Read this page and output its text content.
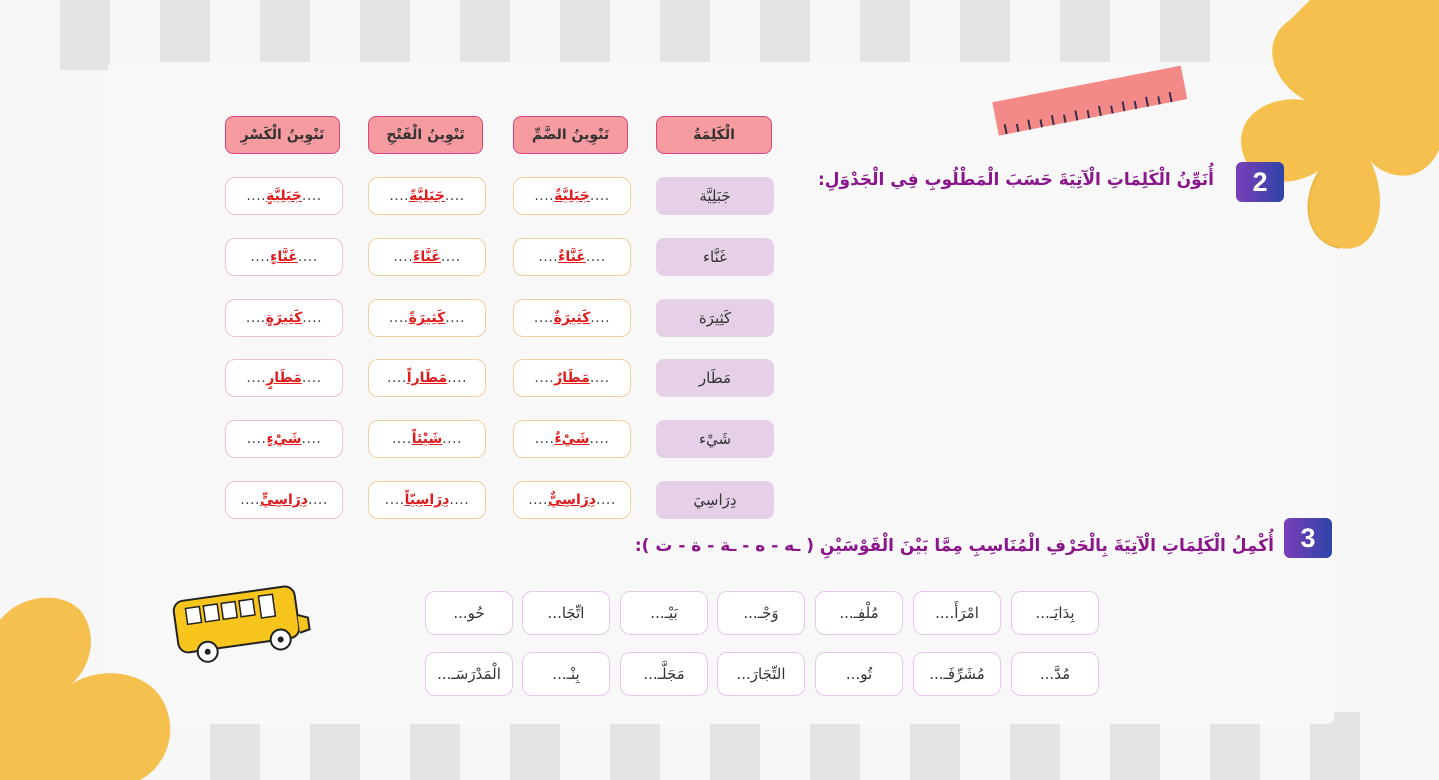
2
أُنَوِّنُ الْكَلِمَاتِ الْآتِيَةَ حَسَبَ الْمَطْلُوبِ فِي الْجَدْوَلِ:
الْكَلِمَةُ
تَنْوِينُ الضَّمِّ
تَنْوِينُ الْفَتْحِ
تَنْوِينُ الْكَسْرِ
جَبَلِيَّة
....
جَبَلِيَّةٌ
....
....
جَبَلِيَّةً
....
....
جَبَلِيَّةٍ
....
غَنَّاء
....
غَنَّاءٌ
....
....
غَنَّاءً
....
....
غَنَّاءٍ
....
كَثِيرَة
....
كَثِيرَةٌ
....
....
كَثِيرَةً
....
....
كَثِيرَةٍ
....
مَطَار
....
مَطَارٌ
....
....
مَطَاراً
....
....
مَطَارٍ
....
شَيْء
....
شَيْءٌ
....
....
شَيْئاً
....
....
شَيْءٍ
....
دِرَاسِيَ
....
دِرَاسِيٌّ
....
....
دِرَاسِيّاً
....
....
دِرَاسِيٍّ
....
3
أُكْمِلُ الْكَلِمَاتِ الْآتِيَةَ بِالْحَرْفِ الْمُنَاسِبِ مِمَّا بَيْنَ الْقَوْسَيْنِ ( ـه - ه - ـة - ة - ت ):
بِدَايَـ...
امْرَأَ....
مُلْفِـ...
وَجْـ...
بَيْـ...
اتِّجَا...
حُو...
مُدَّ...
مُشَرِّفَـ...
تُو...
التِّجَارَ...
مَجَلَّـ...
بِنْـ...
الْمَدْرَسَـ...
